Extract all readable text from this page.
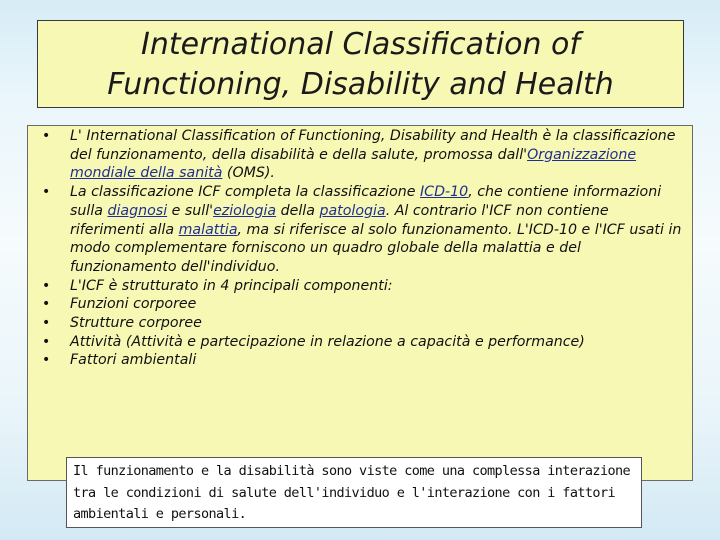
International Classification of
Functioning, Disability and Health
• L' International Classification of Functioning, Disability and Health è la classificazione del funzionamento, della disabilità e della salute, promossa dall'Organizzazione mondiale della sanità (OMS).
• La classificazione ICF completa la classificazione ICD-10, che contiene informazioni sulla diagnosi e sull'eziologia della patologia. Al contrario l'ICF non contiene riferimenti alla malattia, ma si riferisce al solo funzionamento. L'ICD-10 e l'ICF usati in modo complementare forniscono un quadro globale della malattia e del funzionamento dell'individuo.
• L'ICF è strutturato in 4 principali componenti:
• Funzioni corporee
• Strutture corporee
• Attività (Attività e partecipazione in relazione a capacità e performance)
• Fattori ambientali
Il funzionamento e la disabilità sono viste come una complessa interazione tra le condizioni di salute dell'individuo e l'interazione con i fattori ambientali e personali.
